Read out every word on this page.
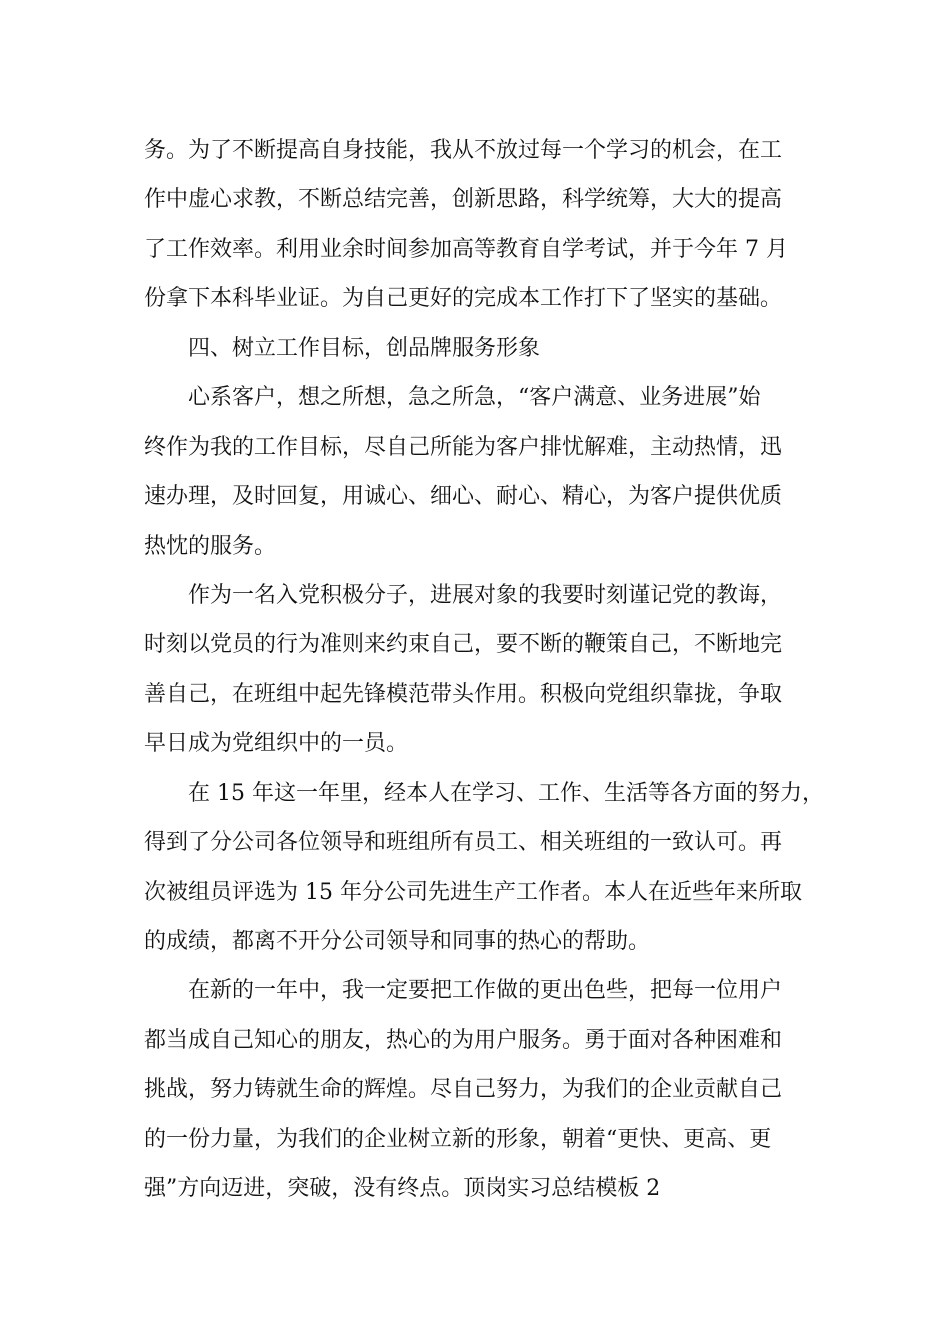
务。为了不断提高自身技能，我从不放过每一个学习的机会，在工
作中虚心求教，不断总结完善，创新思路，科学统筹，大大的提高
了工作效率。利用业余时间参加高等教育自学考试，并于今年 7 月
份拿下本科毕业证。为自己更好的完成本工作打下了坚实的基础。
四、树立工作目标，创品牌服务形象
心系客户，想之所想，急之所急，“客户满意、业务进展”始
终作为我的工作目标，尽自己所能为客户排忧解难，主动热情，迅
速办理，及时回复，用诚心、细心、耐心、精心，为客户提供优质
热忱的服务。
作为一名入党积极分子，进展对象的我要时刻谨记党的教诲，
时刻以党员的行为准则来约束自己，要不断的鞭策自己，不断地完
善自己，在班组中起先锋模范带头作用。积极向党组织靠拢，争取
早日成为党组织中的一员。
在 15 年这一年里，经本人在学习、工作、生活等各方面的努力，
得到了分公司各位领导和班组所有员工、相关班组的一致认可。再
次被组员评选为 15 年分公司先进生产工作者。本人在近些年来所取
的成绩，都离不开分公司领导和同事的热心的帮助。
在新的一年中，我一定要把工作做的更出色些，把每一位用户
都当成自己知心的朋友，热心的为用户服务。勇于面对各种困难和
挑战，努力铸就生命的辉煌。尽自己努力，为我们的企业贡献自己
的一份力量，为我们的企业树立新的形象，朝着“更快、更高、更
强”方向迈进，突破，没有终点。顶岗实习总结模板 2
